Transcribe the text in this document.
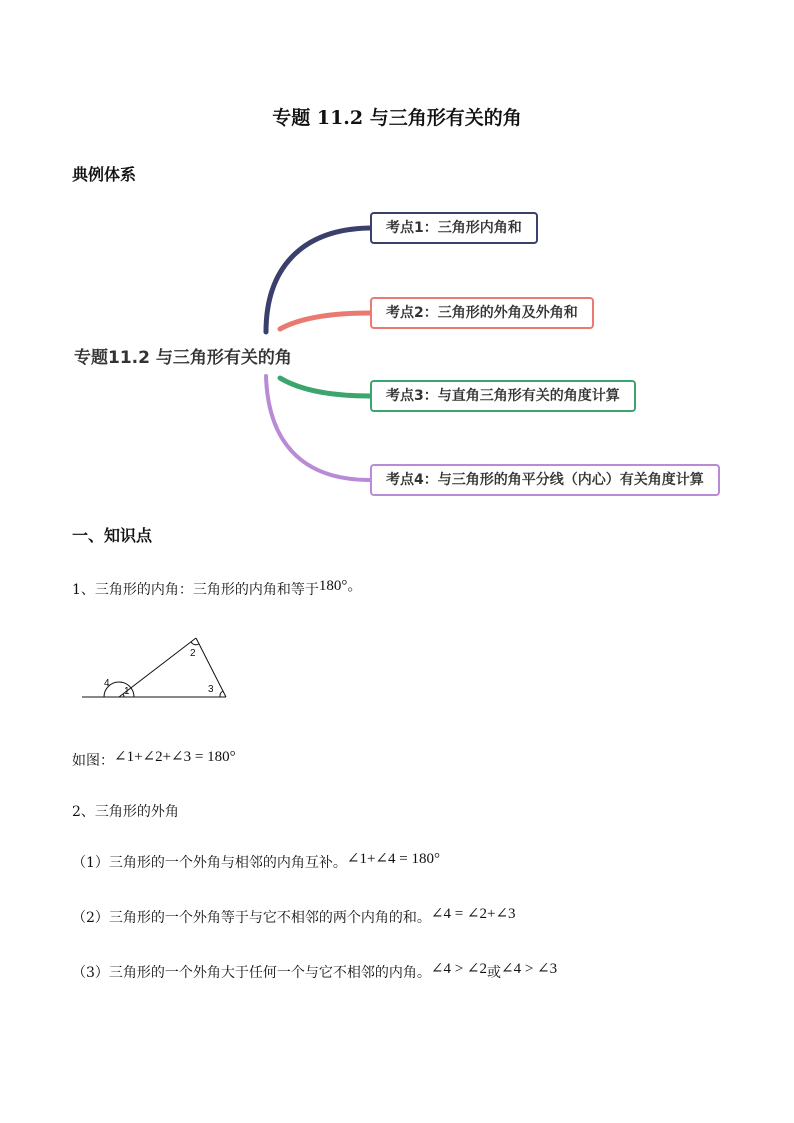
专题 11.2 与三角形有关的角
典例体系
4
1
2
3
专题11.2 与三角形有关的角
考点1：三角形内角和
考点2：三角形的外角及外角和
考点3：与直角三角形有关的角度计算
考点4：与三角形的角平分线（内心）有关角度计算
一、知识点
1、三角形的内角：三角形的内角和等于180°。
如图：∠1+∠2+∠3 = 180°
2、三角形的外角
（1）三角形的一个外角与相邻的内角互补。∠1+∠4 = 180°
（2）三角形的一个外角等于与它不相邻的两个内角的和。∠4 = ∠2+∠3
（3）三角形的一个外角大于任何一个与它不相邻的内角。∠4 > ∠2或∠4 > ∠3
